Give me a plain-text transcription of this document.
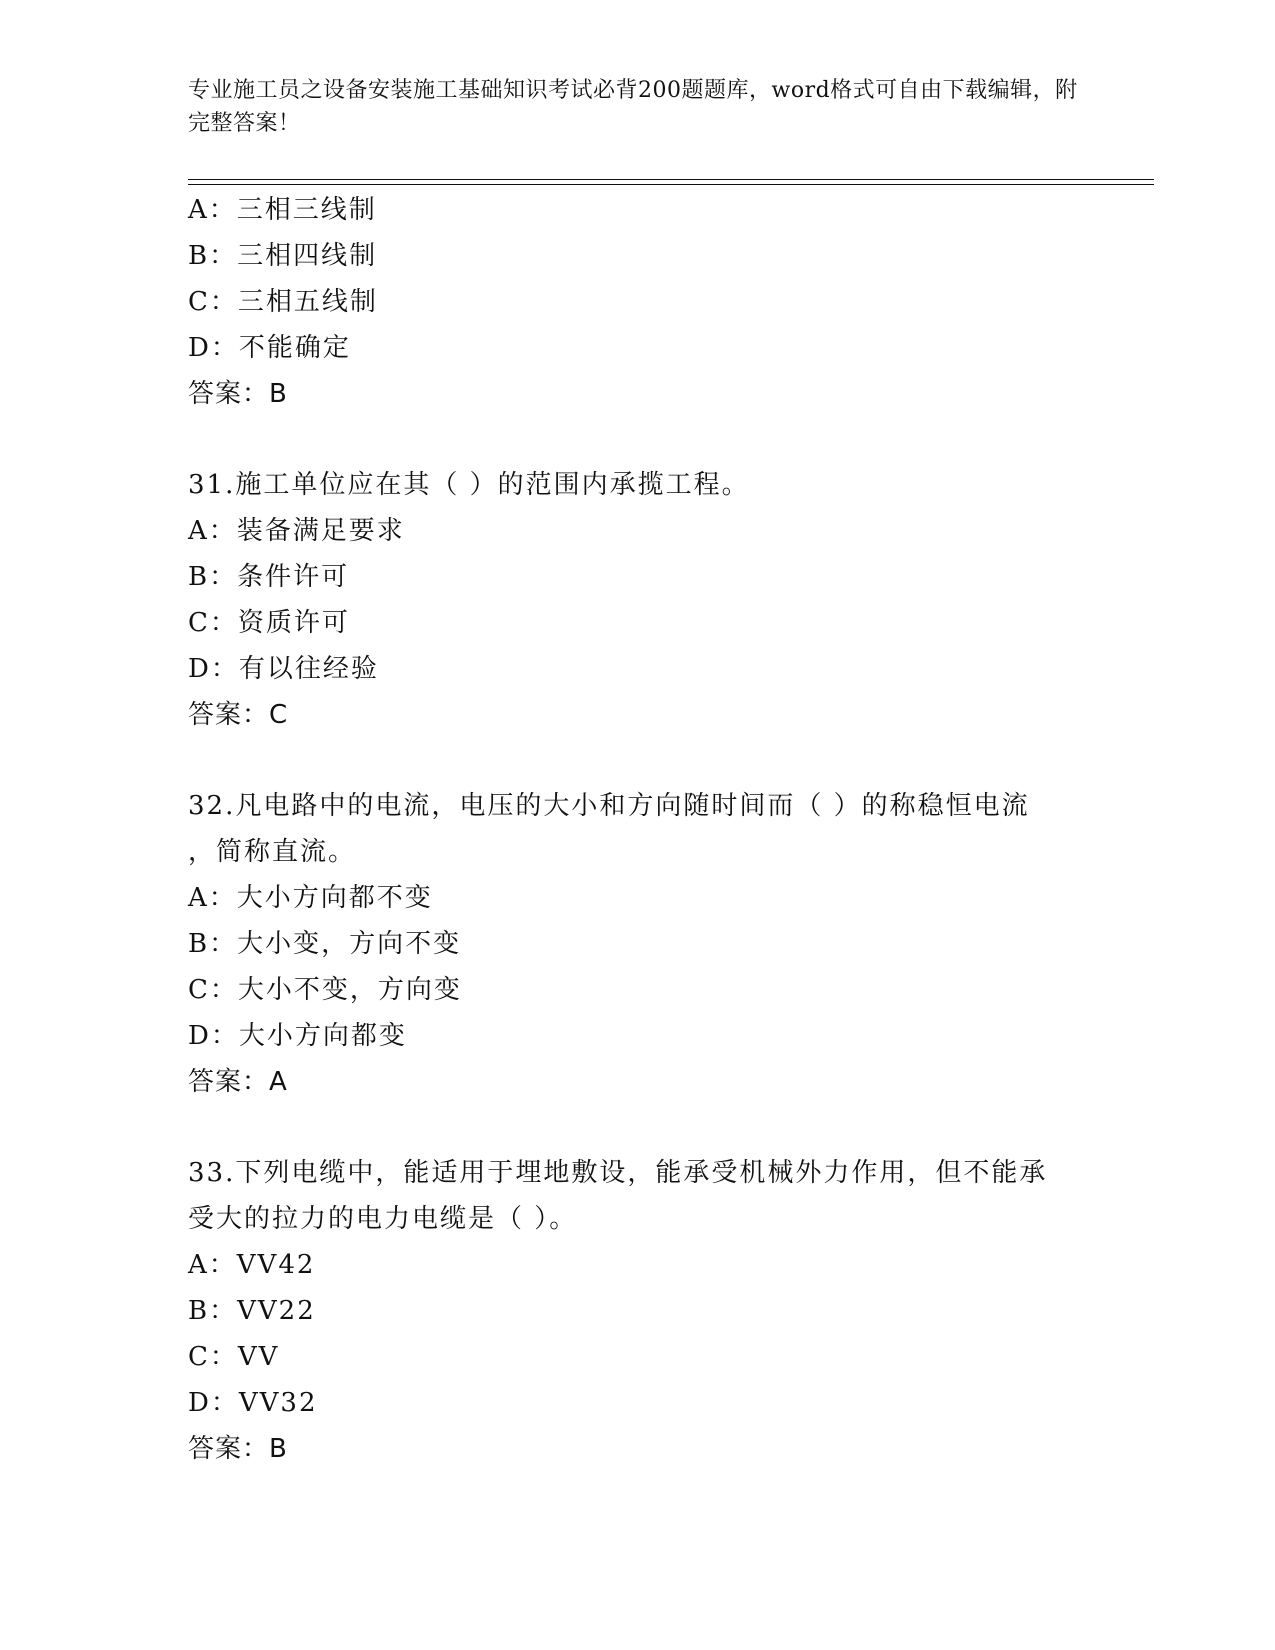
专业施工员之设备安装施工基础知识考试必背200题题库，word格式可自由下载编辑，附完整答案！
A：三相三线制
B：三相四线制
C：三相五线制
D：不能确定
答案：B
31.施工单位应在其（ ）的范围内承揽工程。
A：装备满足要求
B：条件许可
C：资质许可
D：有以往经验
答案：C
32.凡电路中的电流，电压的大小和方向随时间而（ ）的称稳恒电流
，简称直流。
A：大小方向都不变
B：大小变，方向不变
C：大小不变，方向变
D：大小方向都变
答案：A
33.下列电缆中，能适用于埋地敷设，能承受机械外力作用，但不能承
受大的拉力的电力电缆是（ ）。
A：VV42
B：VV22
C：VV
D：VV32
答案：B
